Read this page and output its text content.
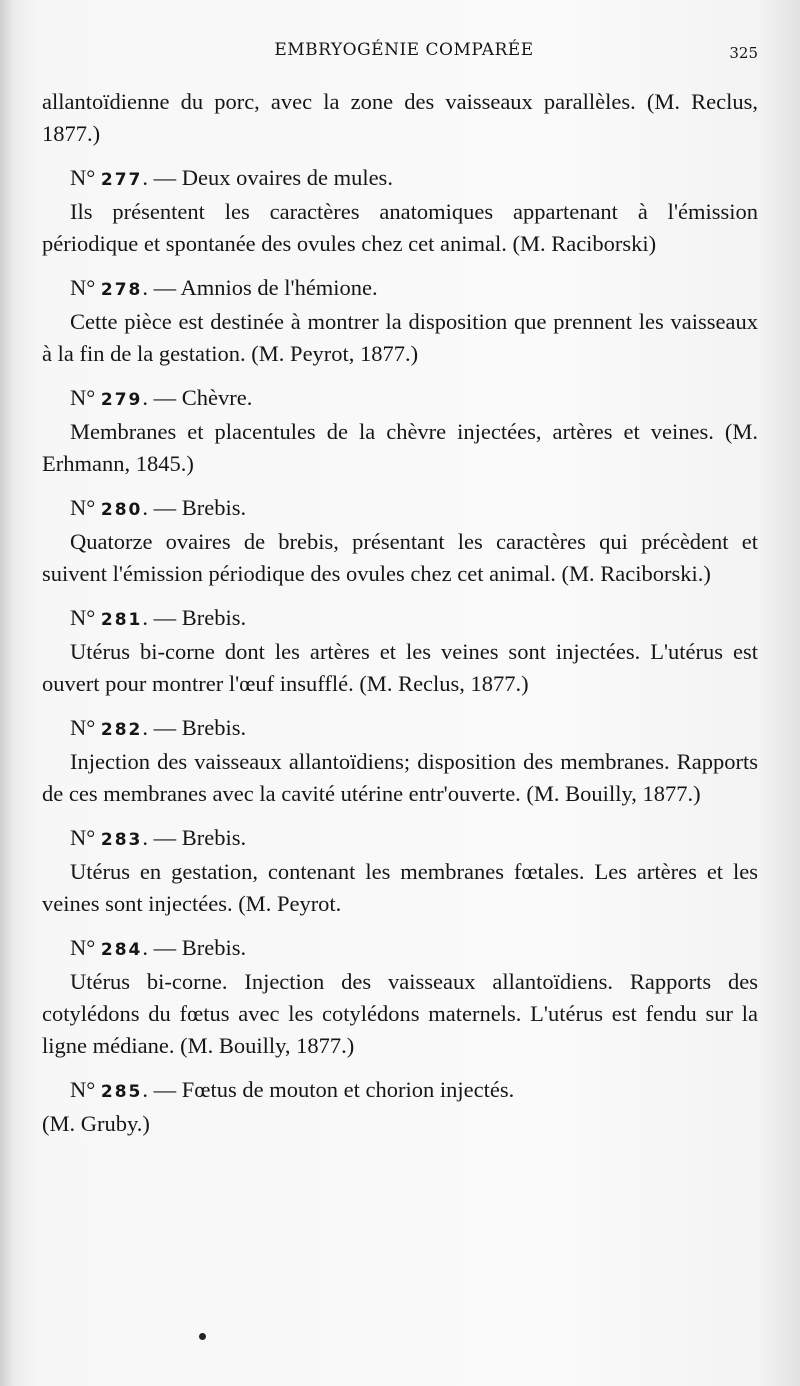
EMBRYOGÉNIE COMPARÉE	325

allantoïdienne du porc, avec la zone des vaisseaux parallèles. (M. Reclus, 1877.)

N° 277. — Deux ovaires de mules.

Ils présentent les caractères anatomiques appartenant à l'émission périodique et spontanée des ovules chez cet animal. (M. Raciborski)

N° 278. — Amnios de l'hémione.

Cette pièce est destinée à montrer la disposition que prennent les vaisseaux à la fin de la gestation. (M. Peyrot, 1877.)

N° 279. — Chèvre.

Membranes et placentules de la chèvre injectées, artères et veines. (M. Erhmann, 1845.)

N° 280. — Brebis.

Quatorze ovaires de brebis, présentant les caractères qui précèdent et suivent l'émission périodique des ovules chez cet animal. (M. Raciborski.)

N° 281. — Brebis.

Utérus bi-corne dont les artères et les veines sont injectées. L'utérus est ouvert pour montrer l'œuf insufflé. (M. Reclus, 1877.)

N° 282. — Brebis.

Injection des vaisseaux allantoïdiens; disposition des membranes. Rapports de ces membranes avec la cavité utérine entr'ouverte. (M. Bouilly, 1877.)

N° 283. — Brebis.

Utérus en gestation, contenant les membranes fœtales. Les artères et les veines sont injectées. (M. Peyrot.

N° 284. — Brebis.

Utérus bi-corne. Injection des vaisseaux allantoïdiens. Rapports des cotylédons du fœtus avec les cotylédons maternels. L'utérus est fendu sur la ligne médiane. (M. Bouilly, 1877.)

N° 285. — Fœtus de mouton et chorion injectés.

(M. Gruby.)
